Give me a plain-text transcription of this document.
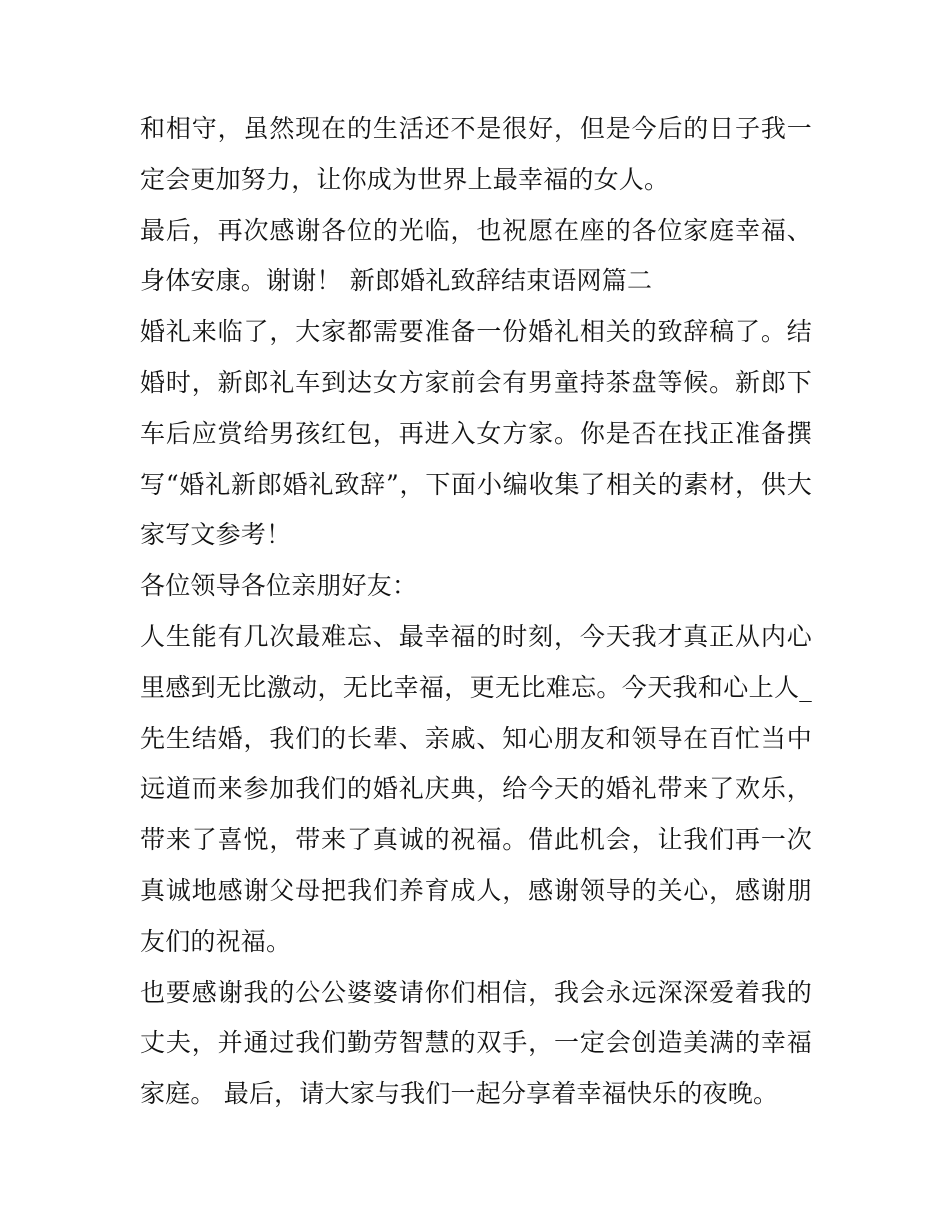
和相守，虽然现在的生活还不是很好，但是今后的日子我一定会更加努力，让你成为世界上最幸福的女人。

最后，再次感谢各位的光临，也祝愿在座的各位家庭幸福、身体安康。谢谢！ 新郎婚礼致辞结束语网篇二

婚礼来临了，大家都需要准备一份婚礼相关的致辞稿了。结婚时，新郎礼车到达女方家前会有男童持茶盘等候。新郎下车后应赏给男孩红包，再进入女方家。你是否在找正准备撰写“婚礼新郎婚礼致辞”，下面小编收集了相关的素材，供大家写文参考！

各位领导各位亲朋好友：

人生能有几次最难忘、最幸福的时刻，今天我才真正从内心里感到无比激动，无比幸福，更无比难忘。今天我和心上人_先生结婚，我们的长辈、亲戚、知心朋友和领导在百忙当中远道而来参加我们的婚礼庆典，给今天的婚礼带来了欢乐，带来了喜悦，带来了真诚的祝福。借此机会，让我们再一次真诚地感谢父母把我们养育成人，感谢领导的关心，感谢朋友们的祝福。

也要感谢我的公公婆婆请你们相信，我会永远深深爱着我的丈夫，并通过我们勤劳智慧的双手，一定会创造美满的幸福家庭。 最后，请大家与我们一起分享着幸福快乐的夜晚。
